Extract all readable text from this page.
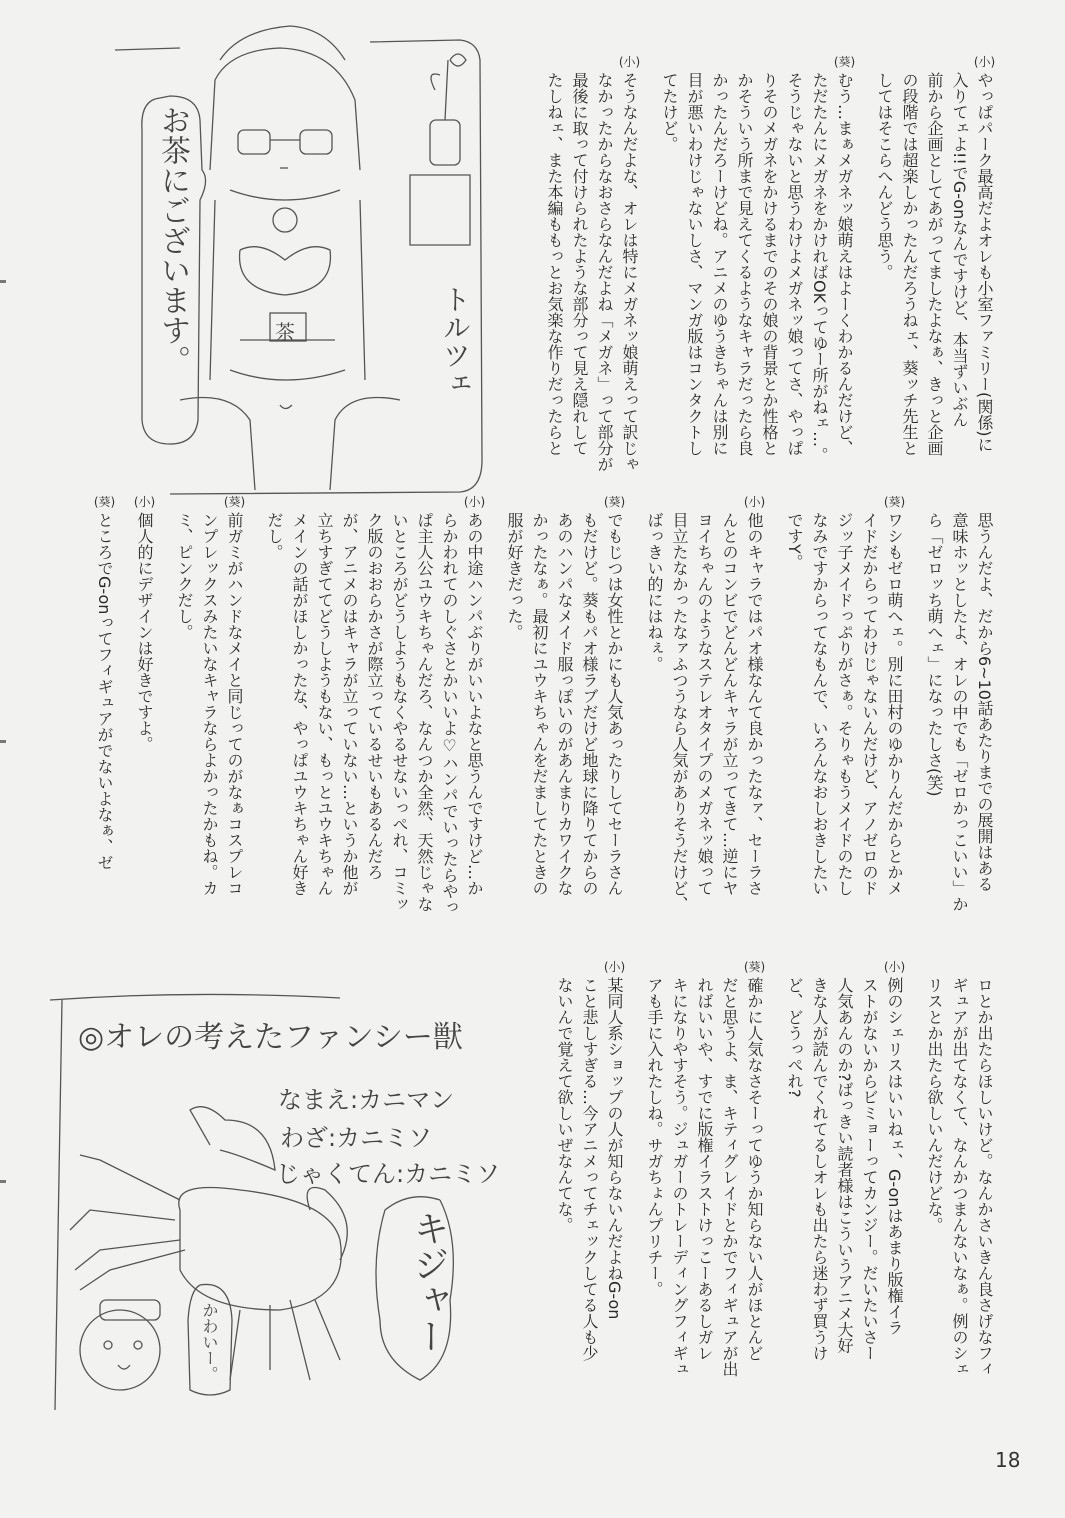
お茶にございます。	トルツェ
茶
(小)
やっぱパーク最高だよオレも小室ファミリー(関係)に
入りてェよ!!でG-onなんですけど、本当ずいぶん
前から企画としてあがってましたよなぁ、きっと企画
の段階では超楽しかったんだろうねェ、葵ッチ先生と
してはそこらへんどう思う。
(葵)
むう…まぁメガネッ娘萌えはよーくわかるんだけど、
ただたんにメガネをかければOKってゆー所がねェ…。
そうじゃないと思うわけよメガネッ娘ってさ、やっぱ
りそのメガネをかけるまでのその娘の背景とか性格と
かそういう所まで見えてくるようなキャラだったら良
かったんだろーけどね。アニメのゆうきちゃんは別に
目が悪いわけじゃないしさ、マンガ版はコンタクトし
てたけど。
(小)
そうなんだよな、オレは特にメガネッ娘萌えって訳じゃ
なかったからなおさらなんだよね「メガネ」って部分が
最後に取って付けられたような部分って見え隠れして
たしねェ、また本編ももっとお気楽な作りだったらと
思うんだよ、だから6~10話あたりまでの展開はある
意味ホッとしたよ、オレの中でも「ゼロかっこいい」か
ら「ゼロッち萌へェ」になったしさ(笑)
(葵)
ワシもゼロ萌へェ。別に田村のゆかりんだからとかメ
イドだからってわけじゃないんだけど、アノゼロのド
ジッ子メイドっぷりがさぁ。そりゃもうメイドのたし
なみですからってなもんで、いろんなおしおきしたい
ですY。
(小)
他のキャラではパオ様なんて良かったなァ、セーラさ
んとのコンビでどんどんキャラが立ってきて…逆にヤ
ヨイちゃんのようなステレオタイプのメガネッ娘って
目立たなかったなァふつうなら人気がありそうだけど、
ばっきい的にはねぇ。
(葵)
でもじつは女性とかにも人気あったりしてセーラさん
もだけど。葵もパオ様ラブだけど地球に降りてからの
あのハンパなメイド服っぽいのがあんまりカワイクな
かったなぁ。最初にユウキちゃんをだましてたときの
服が好きだった。
(小)
あの中途ハンパぶりがいいよなと思うんですけど…か
らかわれてのしぐさとかいいよ♡ハンパでいったらやっ
ぱ主人公ユウキちゃんだろ、なんつか全然、天然じゃな
いところがどうしようもなくやるせないっぺれ、コミッ
ク版のおおらかさが際立っているせいもあるんだろ
が、アニメのはキャラが立っていない…というか他が
立ちすぎててどうしようもない、もっとユウキちゃん
メインの話がほしかったな、やっぱユウキちゃん好き
だし。
(葵)
前ガミがハンドなメイと同じってのがなぁコスプレコ
ンプレックスみたいなキャラならよかったかもね。カ
ミ、ピンクだし。
(小)
個人的にデザインは好きですよ。
(葵)
ところでG-onってフィギュアがでないよなぁ、ゼ
ロとか出たらほしいけど。なんかさいきん良さげなフィ
ギュアが出てなくて、なんかつまんないなぁ。例のシェ
リスとか出たら欲しいんだけどな。
(小)
例のシェリスはいいねェ、G-onはあまり版権イラ
ストがないからビミョーってカンジー。だいたいさー
人気あんのか?ばっきい読者様はこういうアニメ大好
きな人が読んでくれてるしオレも出たら迷わず買うけ
ど、どうっぺれ?
(葵)
確かに人気なさそーってゆうか知らない人がほとんど
だと思うよ、ま、キティグレイドとかでフィギュアが出
ればいいや、すでに版権イラストけっこーあるしガレ
キになりやすそう。ジュガーのトレーディングフィギュ
アも手に入れたしね。サガちょんプリチー。
(小)
某同人系ショップの人が知らないんだよねG-on
こと悲しすぎる…今アニメってチェックしてる人も少
ないんで覚えて欲しいぜなんてな。
◎オレの考えたファンシー獣
なまえ:カニマン
わざ:カニミソ
じゃくてん:カニミソ
キジャー
かわいー。
18
